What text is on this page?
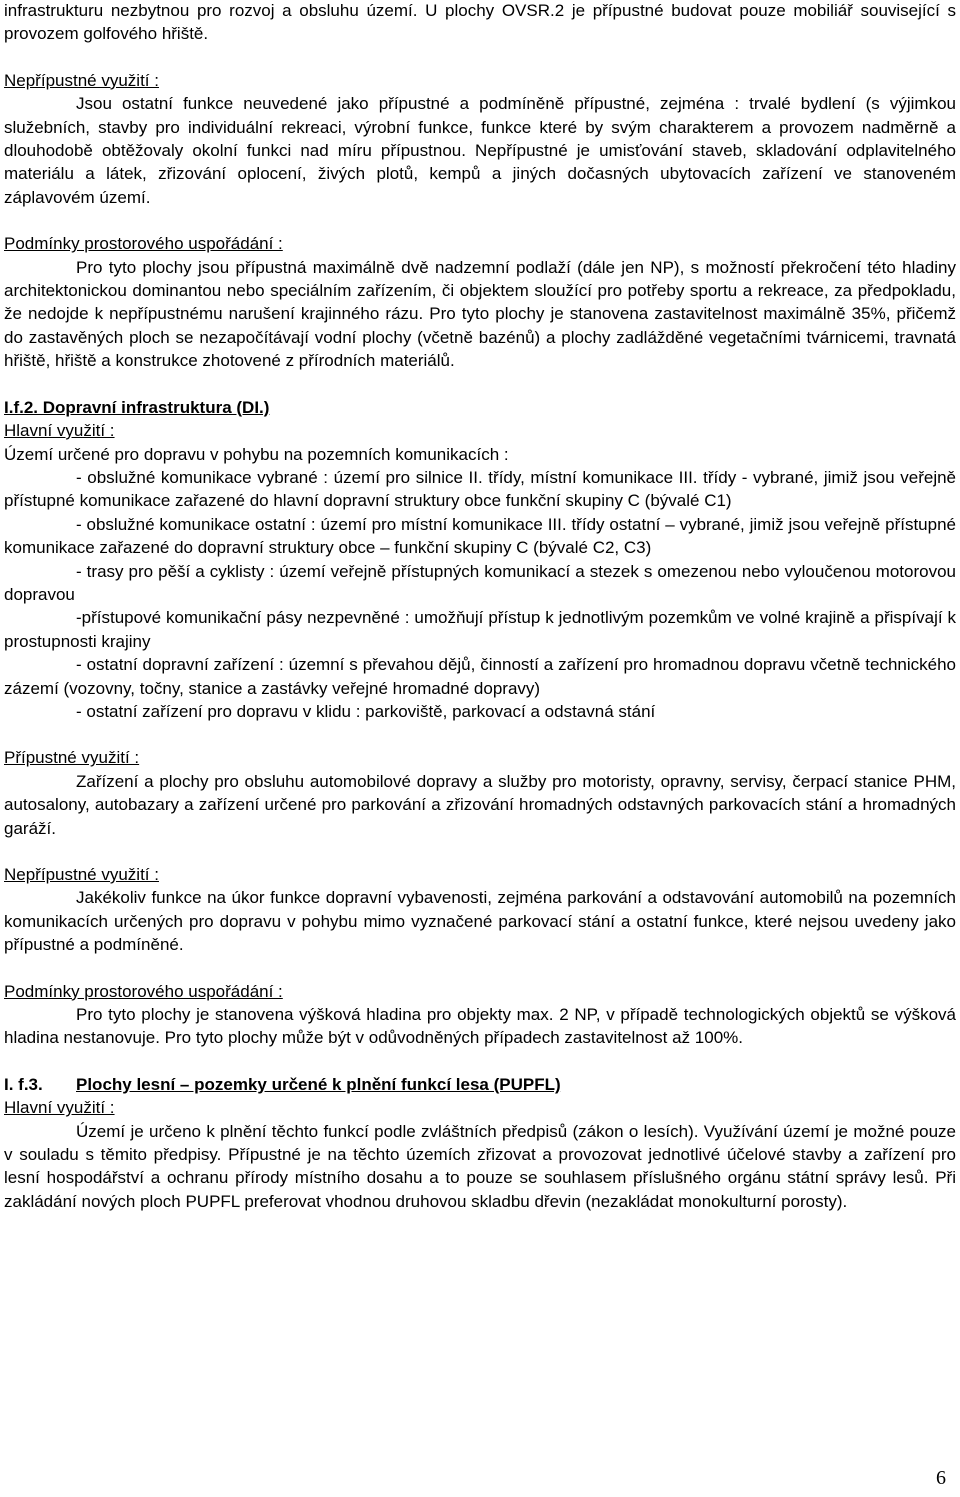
infrastrukturu nezbytnou pro rozvoj a obsluhu území. U plochy OVSR.2 je přípustné budovat pouze mobiliář související s provozem golfového hřiště.

Nepřípustné využití :

Jsou ostatní funkce neuvedené jako přípustné a podmíněně přípustné, zejména : trvalé bydlení (s výjimkou služebních, stavby pro individuální rekreaci, výrobní funkce, funkce které by svým charakterem a provozem nadměrně a dlouhodobě obtěžovaly okolní funkci nad míru přípustnou. Nepřípustné je umisťování staveb, skladování odplavitelného materiálu a látek, zřizování oplocení, živých plotů, kempů a jiných dočasných ubytovacích zařízení ve stanoveném záplavovém území.

Podmínky prostorového uspořádání :

Pro tyto plochy jsou přípustná maximálně dvě nadzemní podlaží (dále jen NP), s možností překročení této hladiny architektonickou dominantou nebo speciálním zařízením, či objektem sloužící pro potřeby sportu a rekreace, za předpokladu, že nedojde k nepřípustnému narušení krajinného rázu. Pro tyto plochy je stanovena zastavitelnost maximálně 35%, přičemž do zastavěných ploch se nezapočítávají vodní plochy (včetně bazénů) a plochy zadlážděné vegetačními tvárnicemi, travnatá hřiště, hřiště a konstrukce zhotovené z přírodních materiálů.

I.f.2. Dopravní infrastruktura (DI.)

Hlavní využití :

Území určené pro dopravu v pohybu na pozemních komunikacích :

- obslužné komunikace vybrané : území pro silnice II. třídy, místní komunikace III. třídy - vybrané, jimiž jsou veřejně přístupné komunikace zařazené do hlavní dopravní struktury obce funkční skupiny C (bývalé C1)

- obslužné komunikace ostatní : území pro místní komunikace III. třídy ostatní – vybrané, jimiž jsou veřejně přístupné komunikace zařazené do dopravní struktury obce – funkční skupiny C (bývalé C2, C3)

- trasy pro pěší a cyklisty : území veřejně přístupných komunikací a stezek s omezenou nebo vyloučenou motorovou dopravou

-přístupové komunikační pásy nezpevněné : umožňují přístup k jednotlivým pozemkům ve volné krajině a přispívají k prostupnosti krajiny

- ostatní dopravní zařízení : územní s převahou dějů, činností a zařízení pro hromadnou dopravu včetně technického zázemí (vozovny, točny, stanice a zastávky veřejné hromadné dopravy)

- ostatní zařízení pro dopravu v klidu : parkoviště, parkovací a odstavná stání

Přípustné využití :

Zařízení a plochy pro obsluhu automobilové dopravy a služby pro motoristy, opravny, servisy, čerpací stanice PHM, autosalony, autobazary a zařízení určené pro parkování a zřizování hromadných odstavných parkovacích stání a hromadných garáží.

Nepřípustné využití :

Jakékoliv funkce na úkor funkce dopravní vybavenosti, zejména parkování a odstavování automobilů na pozemních komunikacích určených pro dopravu v pohybu mimo vyznačené parkovací stání a ostatní funkce, které nejsou uvedeny jako přípustné a podmíněné.

Podmínky prostorového uspořádání :

Pro tyto plochy je stanovena výšková hladina pro objekty max. 2 NP, v případě technologických objektů se výšková hladina nestanovuje. Pro tyto plochy může být v odůvodněných případech zastavitelnost až 100%.

I. f.3. Plochy lesní – pozemky určené k plnění funkcí lesa (PUPFL)

Hlavní využití :

Území je určeno k plnění těchto funkcí podle zvláštních předpisů (zákon o lesích). Využívání území je možné pouze v souladu s těmito předpisy. Přípustné je na těchto územích zřizovat a provozovat jednotlivé účelové stavby a zařízení pro lesní hospodářství a ochranu přírody místního dosahu a to pouze se souhlasem příslušného orgánu státní správy lesů. Při zakládání nových ploch PUPFL preferovat vhodnou druhovou skladbu dřevin (nezakládat monokulturní porosty).

6
